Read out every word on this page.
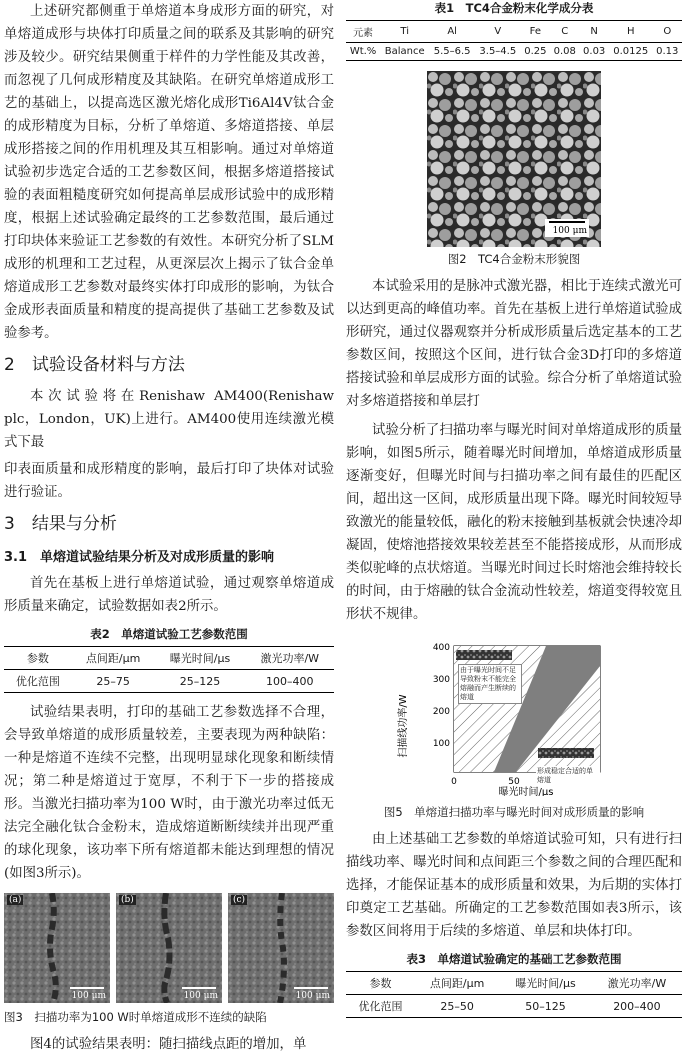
上述研究都侧重于单熔道本身成形方面的研究，对单熔道成形与块体打印质量之间的联系及其影响的研究涉及较少。研究结果侧重于样件的力学性能及其改善，而忽视了几何成形精度及其缺陷。在研究单熔道成形工艺的基础上，以提高选区激光熔化成形Ti6Al4V钛合金的成形精度为目标，分析了单熔道、多熔道搭接、单层成形搭接之间的作用机理及其互相影响。通过对单熔道试验初步选定合适的工艺参数区间，根据多熔道搭接试验的表面粗糙度研究如何提高单层成形试验中的成形精度，根据上述试验确定最终的工艺参数范围，最后通过打印块体来验证工艺参数的有效性。本研究分析了SLM成形的机理和工艺过程，从更深层次上揭示了钛合金单熔道成形工艺参数对最终实体打印成形的影响，为钛合金成形表面质量和精度的提高提供了基础工艺参数及试验参考。

2　试验设备材料与方法

本次试验将在Renishaw AM400(Renishaw plc，London，UK)上进行。AM400使用连续激光模式下最

印表面质量和成形精度的影响，最后打印了块体对试验进行验证。

3　结果与分析
3.1　单熔道试验结果分析及对成形质量的影响

首先在基板上进行单熔道试验，通过观察单熔道成形质量来确定，试验数据如表2所示。

表2　单熔道试验工艺参数范围
参数	点间距/μm	曝光时间/μs	激光功率/W
优化范围	25–75	25–125	100–400

试验结果表明，打印的基础工艺参数选择不合理，会导致单熔道的成形质量较差，主要表现为两种缺陷：一种是熔道不连续不完整，出现明显球化现象和断续情况；第二种是熔道过于宽厚，不利于下一步的搭接成形。当激光扫描功率为100 W时，由于激光功率过低无法完全融化钛合金粉末，造成熔道断断续续并出现严重的球化现象，该功率下所有熔道都未能达到理想的情况(如图3所示)。

(a)
100 μm
(b)
100 μm
(c)
100 μm
图3　扫描功率为100 W时单熔道成形不连续的缺陷

图4的试验结果表明：随扫描线点距的增加，单

表1　TC4合金粉末化学成分表
元素	Ti	Al	V	Fe	C	N	H	O
Wt.%	Balance	5.5–6.5	3.5–4.5	0.25	0.08	0.03	0.0125	0.13
100 μm
图2　TC4合金粉末形貌图

本试验采用的是脉冲式激光器，相比于连续式激光可以达到更高的峰值功率。首先在基板上进行单熔道试验成形研究，通过仪器观察并分析成形质量后选定基本的工艺参数区间，按照这个区间，进行钛合金3D打印的多熔道搭接试验和单层成形方面的试验。综合分析了单熔道试验对多熔道搭接和单层打

试验分析了扫描功率与曝光时间对单熔道成形的质量影响，如图5所示，随着曝光时间增加，单熔道成形质量逐渐变好，但曝光时间与扫描功率之间有最佳的匹配区间，超出这一区间，成形质量出现下降。曝光时间较短导致激光的能量较低，融化的粉末接触到基板就会快速冷却凝固，使熔池搭接效果较差甚至不能搭接成形，从而形成类似驼峰的点状熔道。当曝光时间过长时熔池会维持较长的时间，由于熔融的钛合金流动性较差，熔道变得较宽且形状不规律。

扫描线功率/W
400
300
200
100
0	50
曝光时间/μs
由于曝光时间不足导致粉末不能完全熔融而产生断续的熔道
形成稳定合适的单熔道
图5　单熔道扫描功率与曝光时间对成形质量的影响

由上述基础工艺参数的单熔道试验可知，只有进行扫描线功率、曝光时间和点间距三个参数之间的合理匹配和选择，才能保证基本的成形质量和效果，为后期的实体打印奠定工艺基础。所确定的工艺参数范围如表3所示，该参数区间将用于后续的多熔道、单层和块体打印。

表3　单熔道试验确定的基础工艺参数范围
参数	点间距/μm	曝光时间/μs	激光功率/W
优化范围	25–50	50–125	200–400
